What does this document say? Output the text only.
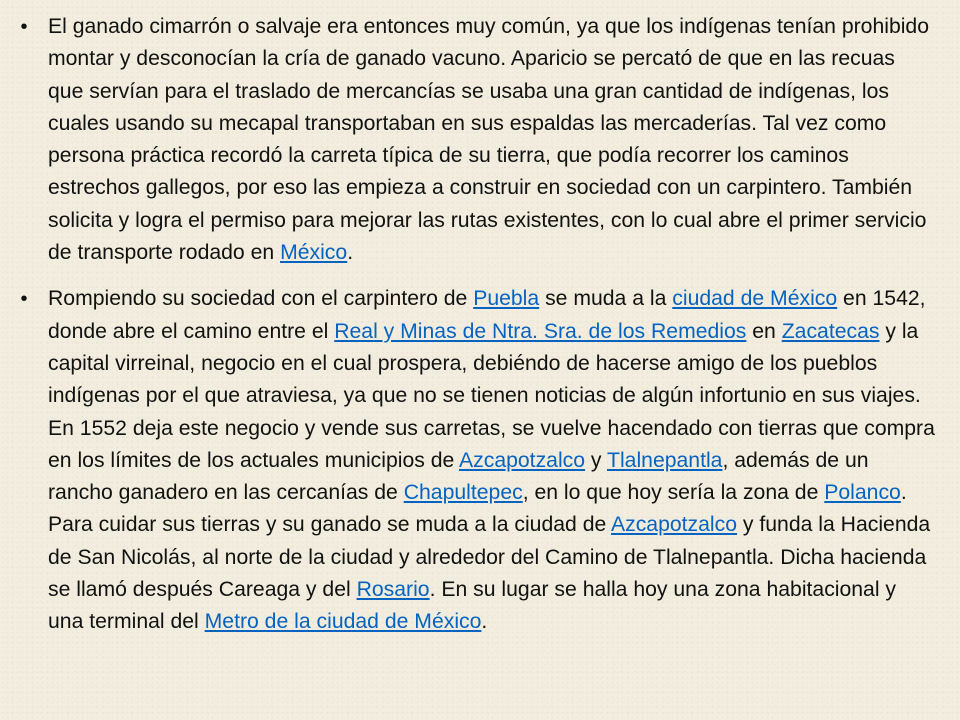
• El ganado cimarrón o salvaje era entonces muy común, ya que los indígenas tenían prohibido montar y desconocían la cría de ganado vacuno. Aparicio se percató de que en las recuas que servían para el traslado de mercancías se usaba una gran cantidad de indígenas, los cuales usando su mecapal transportaban en sus espaldas las mercaderías. Tal vez como persona práctica recordó la carreta típica de su tierra, que podía recorrer los caminos estrechos gallegos, por eso las empieza a construir en sociedad con un carpintero. También solicita y logra el permiso para mejorar las rutas existentes, con lo cual abre el primer servicio de transporte rodado en México.
• Rompiendo su sociedad con el carpintero de Puebla se muda a la ciudad de México en 1542, donde abre el camino entre el Real y Minas de Ntra. Sra. de los Remedios en Zacatecas y la capital virreinal, negocio en el cual prospera, debiéndo de hacerse amigo de los pueblos indígenas por el que atraviesa, ya que no se tienen noticias de algún infortunio en sus viajes. En 1552 deja este negocio y vende sus carretas, se vuelve hacendado con tierras que compra en los límites de los actuales municipios de Azcapotzalco y Tlalnepantla, además de un rancho ganadero en las cercanías de Chapultepec, en lo que hoy sería la zona de Polanco. Para cuidar sus tierras y su ganado se muda a la ciudad de Azcapotzalco y funda la Hacienda de San Nicolás, al norte de la ciudad y alrededor del Camino de Tlalnepantla. Dicha hacienda se llamó después Careaga y del Rosario. En su lugar se halla hoy una zona habitacional y una terminal del Metro de la ciudad de México.
